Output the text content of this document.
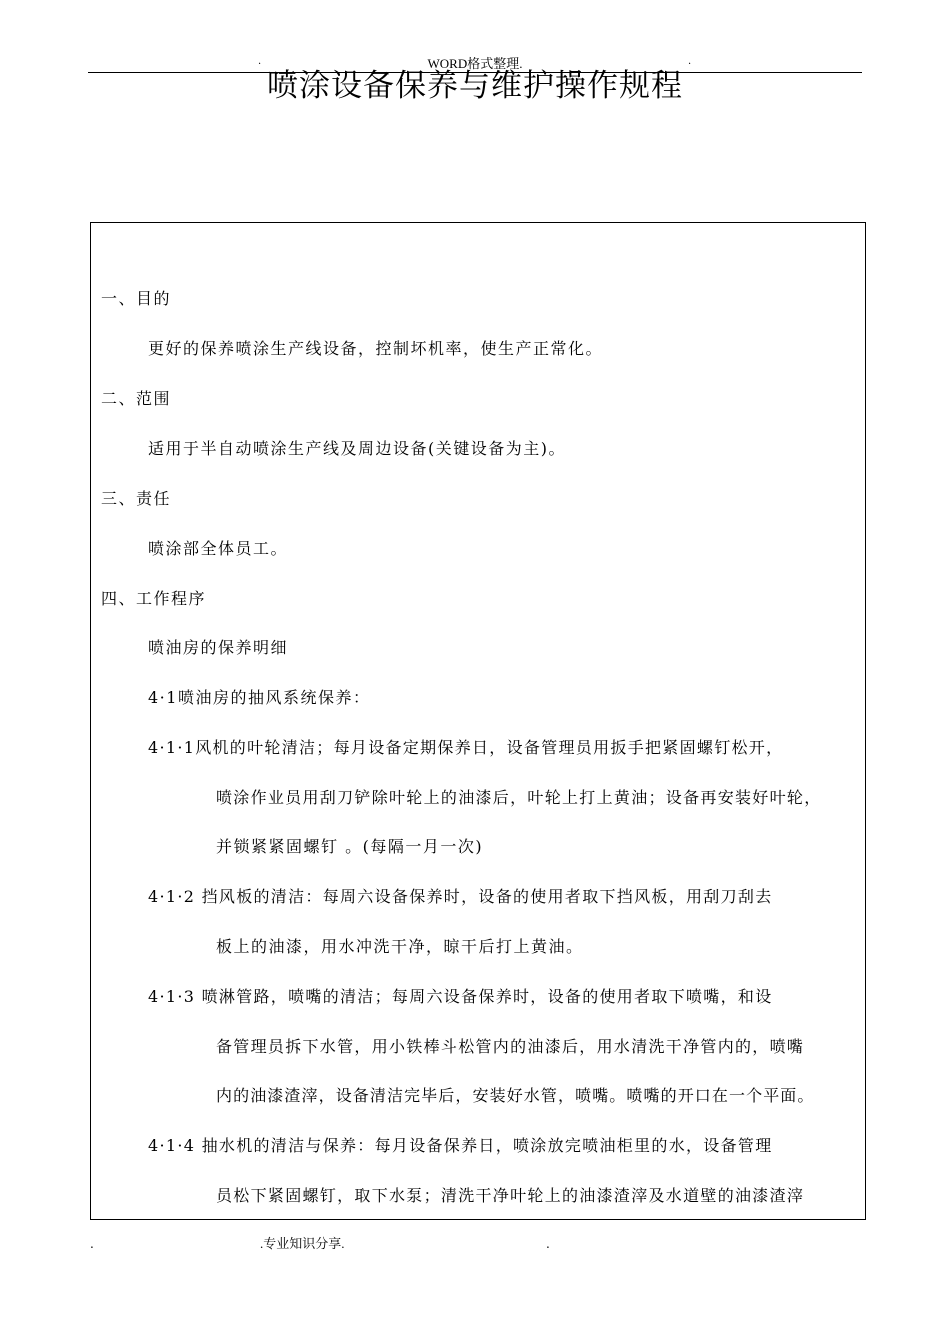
WORD格式整理.
.	.
喷涂设备保养与维护操作规程
一、目的
更好的保养喷涂生产线设备，控制坏机率，使生产正常化。
二、范围
适用于半自动喷涂生产线及周边设备(关键设备为主)。
三、责任
喷涂部全体员工。
四、工作程序
喷油房的保养明细
4·1喷油房的抽风系统保养：
4·1·1风机的叶轮清洁；每月设备定期保养日，设备管理员用扳手把紧固螺钉松开，
喷涂作业员用刮刀铲除叶轮上的油漆后，叶轮上打上黄油；设备再安装好叶轮，
并锁紧紧固螺钉 。(每隔一月一次)
4·1·2 挡风板的清洁：每周六设备保养时，设备的使用者取下挡风板，用刮刀刮去
板上的油漆，用水冲洗干净，晾干后打上黄油。
4·1·3 喷淋管路，喷嘴的清洁；每周六设备保养时，设备的使用者取下喷嘴，和设
备管理员拆下水管，用小铁棒斗松管内的油漆后，用水清洗干净管内的，喷嘴
内的油漆渣滓，设备清洁完毕后，安装好水管，喷嘴。喷嘴的开口在一个平面。
4·1·4 抽水机的清洁与保养：每月设备保养日，喷涂放完喷油柜里的水，设备管理
员松下紧固螺钉，取下水泵；清洗干净叶轮上的油漆渣滓及水道壁的油漆渣滓
.	.专业知识分享.	.
